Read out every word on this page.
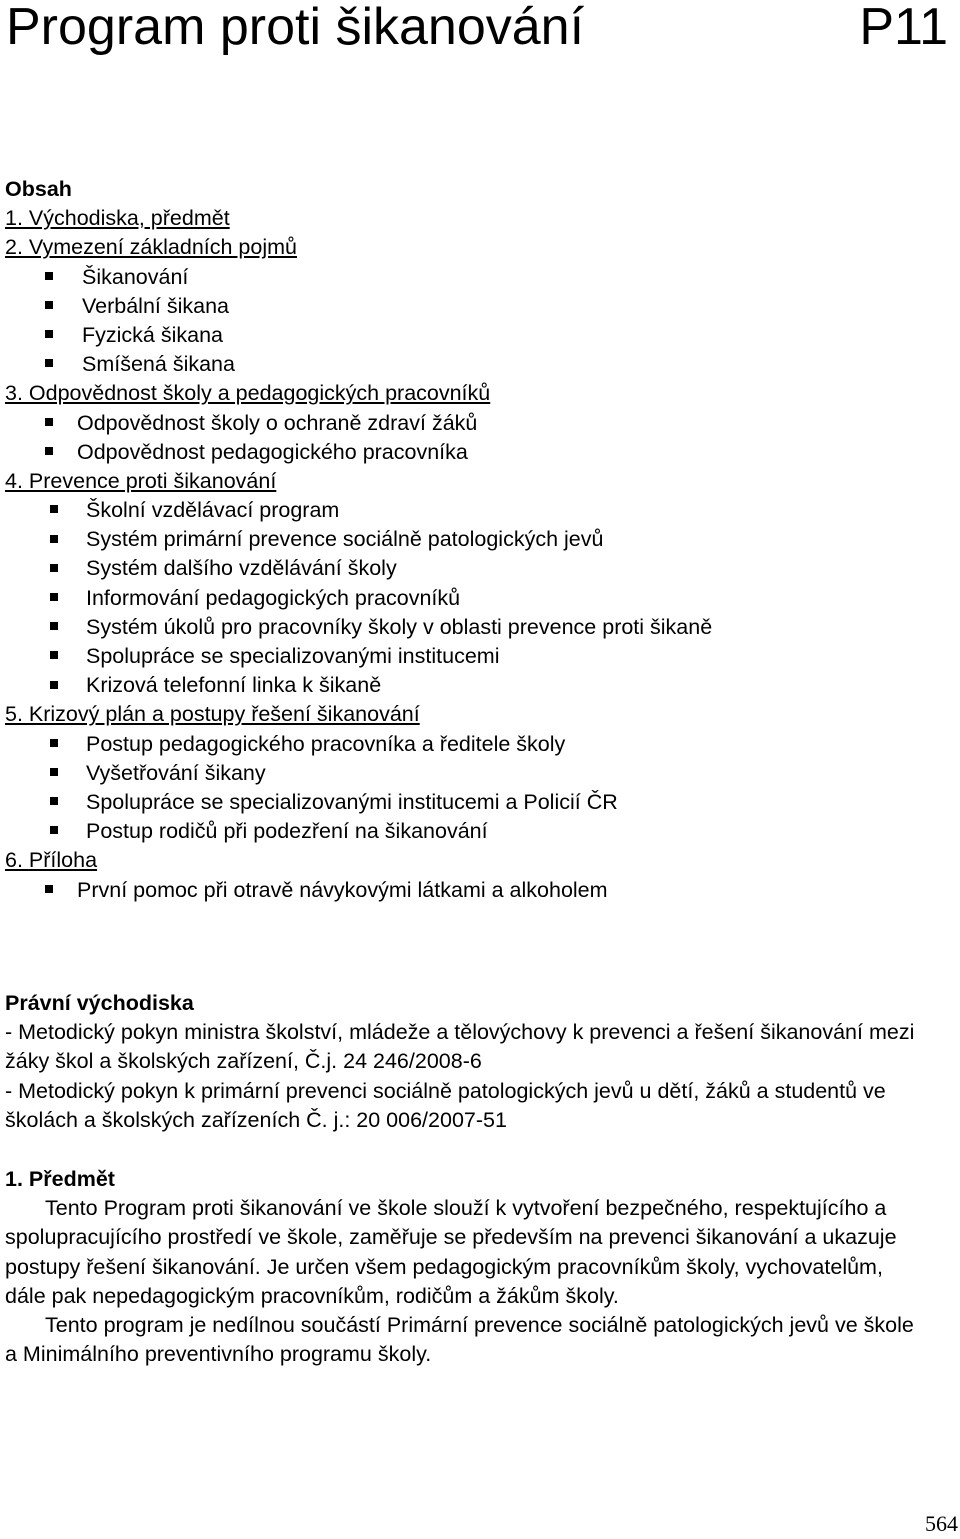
Program proti šikanování	P11
Obsah
1. Východiska, předmět
2. Vymezení základních pojmů
Šikanování
Verbální šikana
Fyzická šikana
Smíšená šikana
3. Odpovědnost školy a pedagogických pracovníků
Odpovědnost školy o ochraně zdraví žáků
Odpovědnost pedagogického pracovníka
4. Prevence proti šikanování
Školní vzdělávací program
Systém primární prevence sociálně patologických jevů
Systém dalšího vzdělávání školy
Informování pedagogických pracovníků
Systém úkolů pro pracovníky školy v oblasti prevence proti šikaně
Spolupráce se specializovanými institucemi
Krizová telefonní linka k šikaně
5. Krizový plán a postupy řešení šikanování
Postup pedagogického pracovníka a ředitele školy
Vyšetřování šikany
Spolupráce se specializovanými institucemi a Policií ČR
Postup rodičů při podezření na šikanování
6. Příloha
První pomoc při otravě návykovými látkami a alkoholem
Právní východiska

- Metodický pokyn ministra školství, mládeže a tělovýchovy k prevenci a řešení šikanování mezi žáky škol a školských zařízení, Č.j. 24 246/2008-6

- Metodický pokyn k primární prevenci sociálně patologických jevů u dětí, žáků a studentů ve školách a školských zařízeních Č. j.: 20 006/2007-51

1. Předmět

Tento Program proti šikanování ve škole slouží k vytvoření bezpečného, respektujícího a spolupracujícího prostředí ve škole, zaměřuje se především na prevenci šikanování a ukazuje postupy řešení šikanování. Je určen všem pedagogickým pracovníkům školy, vychovatelům, dále pak nepedagogickým pracovníkům, rodičům a žákům školy.

Tento program je nedílnou součástí Primární prevence sociálně patologických jevů ve škole a Minimálního preventivního programu školy.

564
